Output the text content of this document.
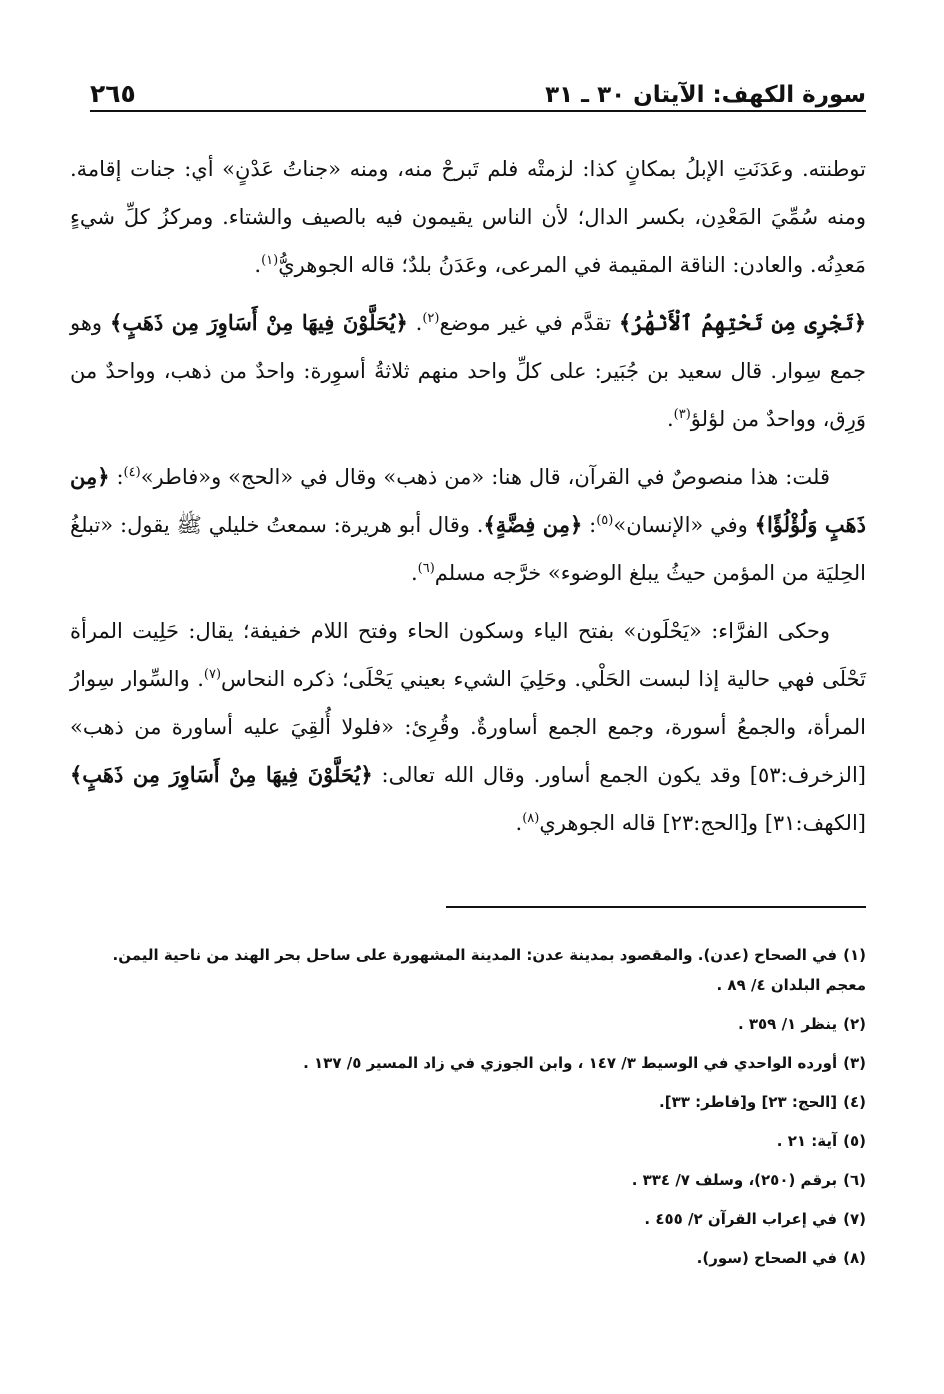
سورة الكهف: الآيتان ٣٠ ـ ٣١
٢٦٥

توطنته. وعَدَنَتِ الإبلُ بمكانٍ كذا: لزمتْه فلم تَبرحْ منه، ومنه «جناتُ عَدْنٍ» أي: جنات إقامة. ومنه سُمِّيَ المَعْدِن، بكسر الدال؛ لأن الناس يقيمون فيه بالصيف والشتاء. ومركزُ كلِّ شيءٍ مَعدِنُه. والعادن: الناقة المقيمة في المرعى، وعَدَنُ بلدٌ؛ قاله الجوهريُّ$^{(١)}$.

﴿تَجْرِى مِن تَحْتِهِمُ ٱلْأَنْهَٰرُ﴾ تقدَّم في غير موضع$^{(٢)}$. ﴿يُحَلَّوْنَ فِيهَا مِنْ أَسَاوِرَ مِن ذَهَبٍ﴾ وهو جمع سِوار. قال سعيد بن جُبَير: على كلِّ واحد منهم ثلاثةُ أسوِرة: واحدٌ من ذهب، وواحدٌ من وَرِق، وواحدٌ من لؤلؤ$^{(٣)}$.

قلت: هذا منصوصٌ في القرآن، قال هنا: «من ذهب» وقال في «الحج» و«فاطر»$^{(٤)}$: ﴿مِن ذَهَبٍ وَلُؤْلُؤًا﴾ وفي «الإنسان»$^{(٥)}$: ﴿مِن فِضَّةٍ﴾. وقال أبو هريرة: سمعتُ خليلي ﷺ يقول: «تبلغُ الحِليَة من المؤمن حيثُ يبلغ الوضوء» خرَّجه مسلم$^{(٦)}$.

وحكى الفرَّاء: «يَحْلَون» بفتح الياء وسكون الحاء وفتح اللام خفيفة؛ يقال: حَلِيت المرأة تَحْلَى فهي حالية إذا لبست الحَلْي. وحَلِيَ الشيء بعيني يَحْلَى؛ ذكره النحاس$^{(٧)}$. والسِّوار سِوارُ المرأة، والجمعُ أسورة، وجمع الجمع أساورةٌ. وقُرِئ: «فلولا أُلقِيَ عليه أساورة من ذهب» [الزخرف:٥٣] وقد يكون الجمع أساور. وقال الله تعالى: ﴿يُحَلَّوْنَ فِيهَا مِنْ أَسَاوِرَ مِن ذَهَبٍ﴾ [الكهف:٣١] و[الحج:٢٣] قاله الجوهري$^{(٨)}$.

(١)في الصحاح (عدن). والمقصود بمدينة عدن: المدينة المشهورة على ساحل بحر الهند من ناحية اليمن. معجم البلدان ٤/ ٨٩ .
(٢)ينظر ١/ ٣٥٩ .
(٣)أورده الواحدي في الوسيط ٣/ ١٤٧ ، وابن الجوزي في زاد المسير ٥/ ١٣٧ .
(٤)[الحج: ٢٣] و[فاطر: ٣٣].
(٥)آية: ٢١ .
(٦)برقم (٢٥٠)، وسلف ٧/ ٣٣٤ .
(٧)في إعراب القرآن ٢/ ٤٥٥ .
(٨)في الصحاح (سور).
